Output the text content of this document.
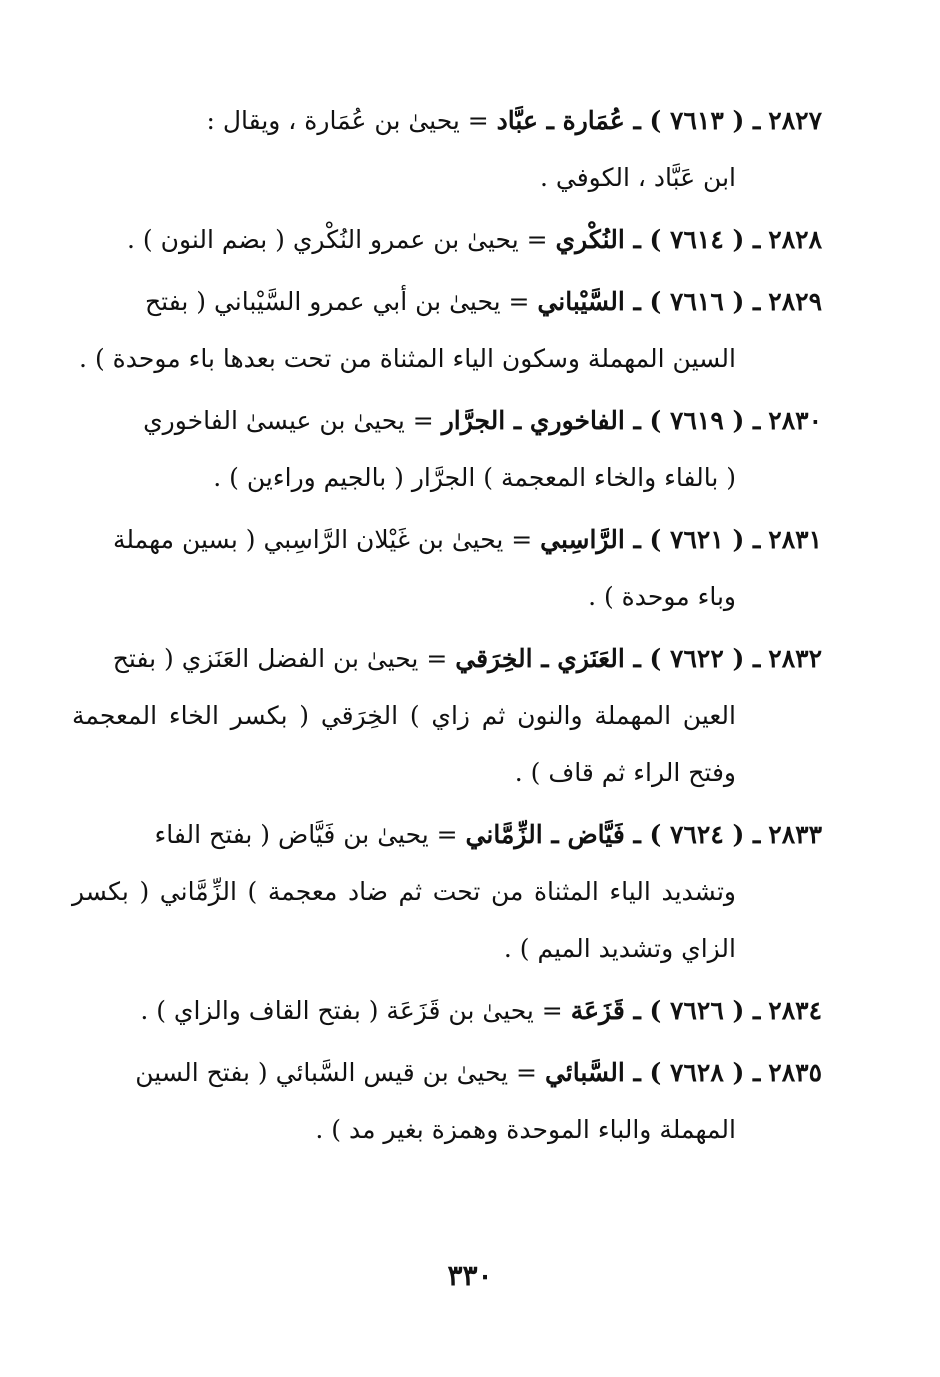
٢٨٢٧ ـ ( ٧٦١٣ ) ـ عُمَارة ـ عبَّاد = يحيىٰ بن عُمَارة ، ويقال :
ابن عَبَّاد ، الكوفي .
٢٨٢٨ ـ ( ٧٦١٤ ) ـ النُكْري = يحيىٰ بن عمرو النُكْري ( بضم النون ) .
٢٨٢٩ ـ ( ٧٦١٦ ) ـ السَّيْباني = يحيىٰ بن أبي عمرو السَّيْباني ( بفتح
السين المهملة وسكون الياء المثناة من تحت بعدها باء موحدة ) .
٢٨٣٠ ـ ( ٧٦١٩ ) ـ الفاخوري ـ الجرَّار = يحيىٰ بن عيسىٰ الفاخوري
( بالفاء والخاء المعجمة ) الجرَّار ( بالجيم وراءين ) .
٢٨٣١ ـ ( ٧٦٢١ ) ـ الرَّاسِبي = يحيىٰ بن غَيْلان الرَّاسِبي ( بسين مهملة
وباء موحدة ) .
٢٨٣٢ ـ ( ٧٦٢٢ ) ـ العَنَزي ـ الخِرَقي = يحيىٰ بن الفضل العَنَزي ( بفتح
العين المهملة والنون ثم زاي ) الخِرَقي ( بكسر الخاء المعجمة وفتح الراء ثم قاف ) .
٢٨٣٣ ـ ( ٧٦٢٤ ) ـ فَيَّاض ـ الزِّمَّاني = يحيىٰ بن فَيَّاض ( بفتح الفاء
وتشديد الياء المثناة من تحت ثم ضاد معجمة ) الزِّمَّاني ( بكسر الزاي وتشديد الميم ) .
٢٨٣٤ ـ ( ٧٦٢٦ ) ـ قَزَعَة = يحيىٰ بن قَزَعَة ( بفتح القاف والزاي ) .
٢٨٣٥ ـ ( ٧٦٢٨ ) ـ السَّبائي = يحيىٰ بن قيس السَّبائي ( بفتح السين
المهملة والباء الموحدة وهمزة بغير مد ) .
٣٣٠
